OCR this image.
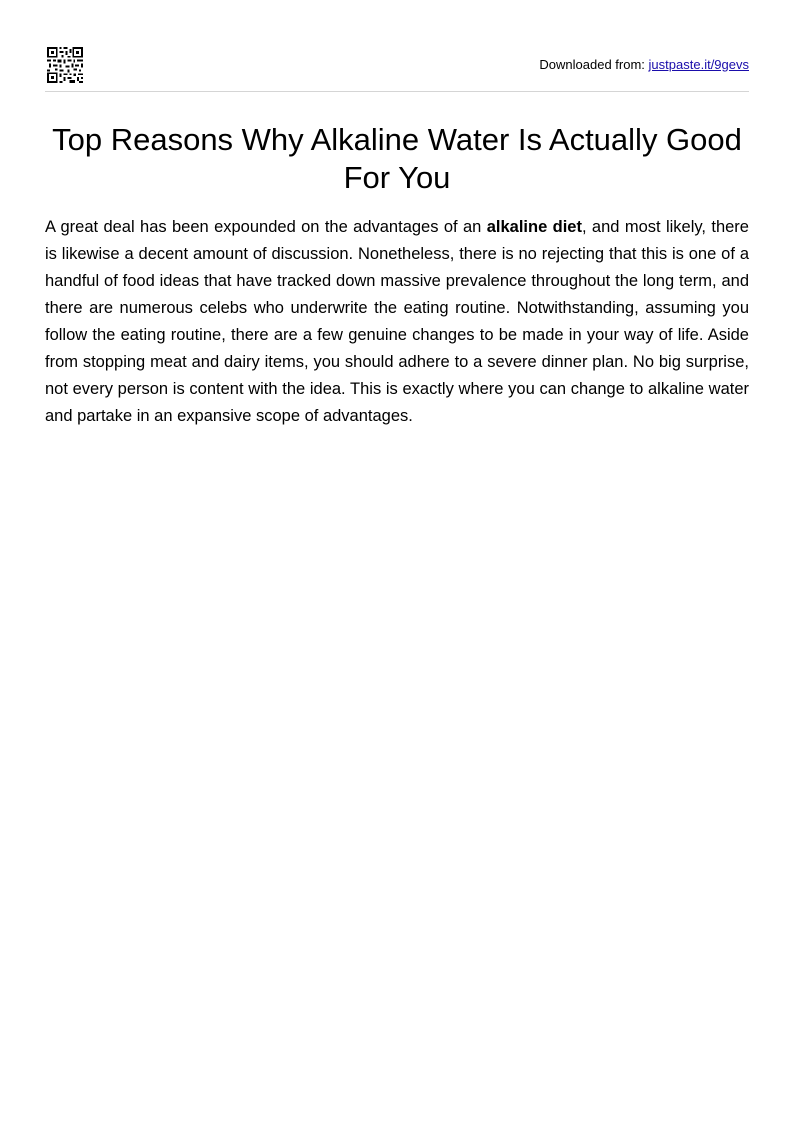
Downloaded from: justpaste.it/9gevs
Top Reasons Why Alkaline Water Is Actually Good For You

A great deal has been expounded on the advantages of an alkaline diet, and most likely, there is likewise a decent amount of discussion. Nonetheless, there is no rejecting that this is one of a handful of food ideas that have tracked down massive prevalence throughout the long term, and there are numerous celebs who underwrite the eating routine. Notwithstanding, assuming you follow the eating routine, there are a few genuine changes to be made in your way of life. Aside from stopping meat and dairy items, you should adhere to a severe dinner plan. No big surprise, not every person is content with the idea. This is exactly where you can change to alkaline water and partake in an expansive scope of advantages.
